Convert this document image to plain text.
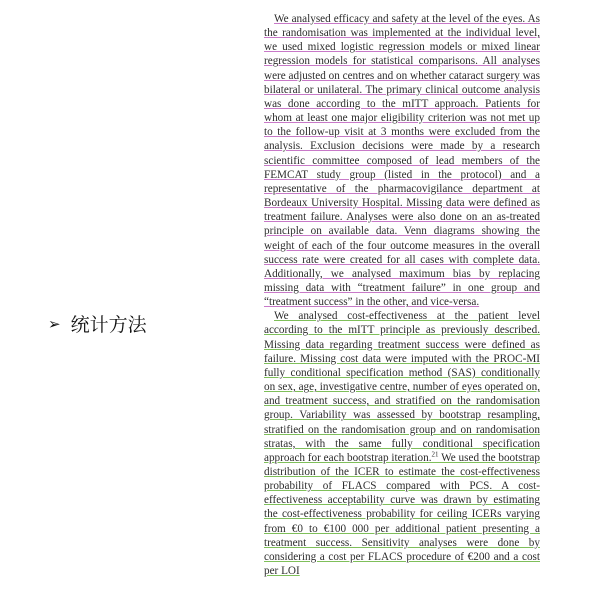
➢ 统计方法

We analysed efficacy and safety at the level of the eyes. As the randomisation was implemented at the individual level, we used mixed logistic regression models or mixed linear regression models for statistical comparisons. All analyses were adjusted on centres and on whether cataract surgery was bilateral or unilateral. The primary clinical outcome analysis was done according to the mITT approach. Patients for whom at least one major eligibility criterion was not met up to the follow-up visit at 3 months were excluded from the analysis. Exclusion decisions were made by a research scientific committee composed of lead members of the FEMCAT study group (listed in the protocol) and a representative of the pharmacovigilance department at Bordeaux University Hospital. Missing data were defined as treatment failure. Analyses were also done on an as-treated principle on available data. Venn diagrams showing the weight of each of the four outcome measures in the overall success rate were created for all cases with complete data. Additionally, we analysed maximum bias by replacing missing data with “treatment failure” in one group and “treatment success” in the other, and vice-versa.

We analysed cost-effectiveness at the patient level according to the mITT principle as previously described. Missing data regarding treatment success were defined as failure. Missing cost data were imputed with the PROC-MI fully conditional specification method (SAS) conditionally on sex, age, investigative centre, number of eyes operated on, and treatment success, and stratified on the randomisation group. Variability was assessed by bootstrap resampling, stratified on the randomisation group and on randomisation stratas, with the same fully conditional specification approach for each bootstrap iteration.$^{21}$ We used the bootstrap distribution of the ICER to estimate the cost-effectiveness probability of FLACS compared with PCS. A cost-effectiveness acceptability curve was drawn by estimating the cost-effectiveness probability for ceiling ICERs varying from €0 to €100 000 per additional patient presenting a treatment success. Sensitivity analyses were done by considering a cost per FLACS procedure of €200 and a cost per LOI
